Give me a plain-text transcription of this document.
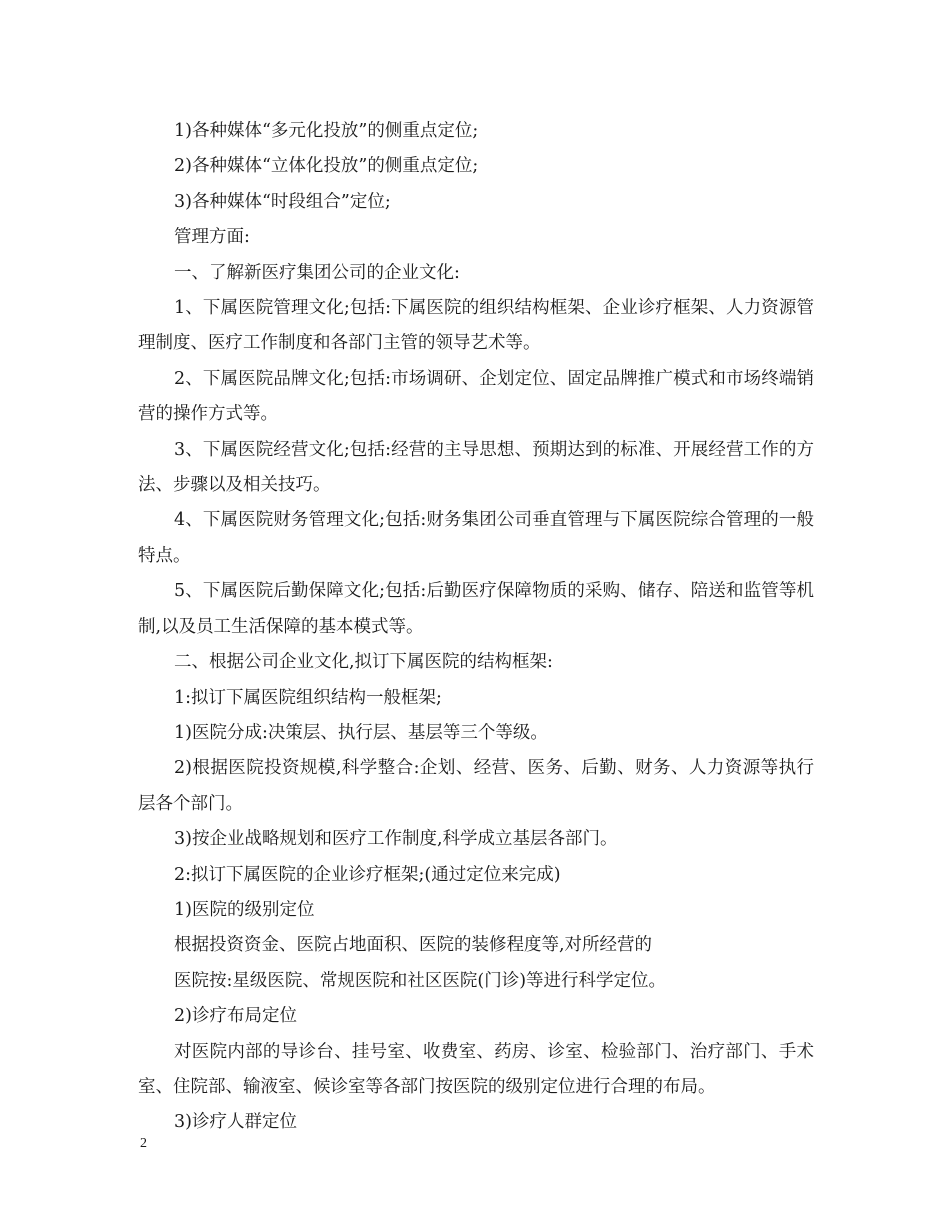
1)各种媒体“多元化投放”的侧重点定位;

2)各种媒体“立体化投放”的侧重点定位;

3)各种媒体“时段组合”定位;

管理方面:

一、了解新医疗集团公司的企业文化:

1、下属医院管理文化;包括:下属医院的组织结构框架、企业诊疗框架、人力资源管理制度、医疗工作制度和各部门主管的领导艺术等。

2、下属医院品牌文化;包括:市场调研、企划定位、固定品牌推广模式和市场终端销营的操作方式等。

3、下属医院经营文化;包括:经营的主导思想、预期达到的标准、开展经营工作的方法、步骤以及相关技巧。

4、下属医院财务管理文化;包括:财务集团公司垂直管理与下属医院综合管理的一般特点。

5、下属医院后勤保障文化;包括:后勤医疗保障物质的采购、储存、陪送和监管等机制,以及员工生活保障的基本模式等。

二、根据公司企业文化,拟订下属医院的结构框架:

1:拟订下属医院组织结构一般框架;

1)医院分成:决策层、执行层、基层等三个等级。

2)根据医院投资规模,科学整合:企划、经营、医务、后勤、财务、人力资源等执行层各个部门。

3)按企业战略规划和医疗工作制度,科学成立基层各部门。

2:拟订下属医院的企业诊疗框架;(通过定位来完成)

1)医院的级别定位

根据投资资金、医院占地面积、医院的装修程度等,对所经营的

医院按:星级医院、常规医院和社区医院(门诊)等进行科学定位。

2)诊疗布局定位

对医院内部的导诊台、挂号室、收费室、药房、诊室、检验部门、治疗部门、手术室、住院部、输液室、候诊室等各部门按医院的级别定位进行合理的布局。

3)诊疗人群定位

2
